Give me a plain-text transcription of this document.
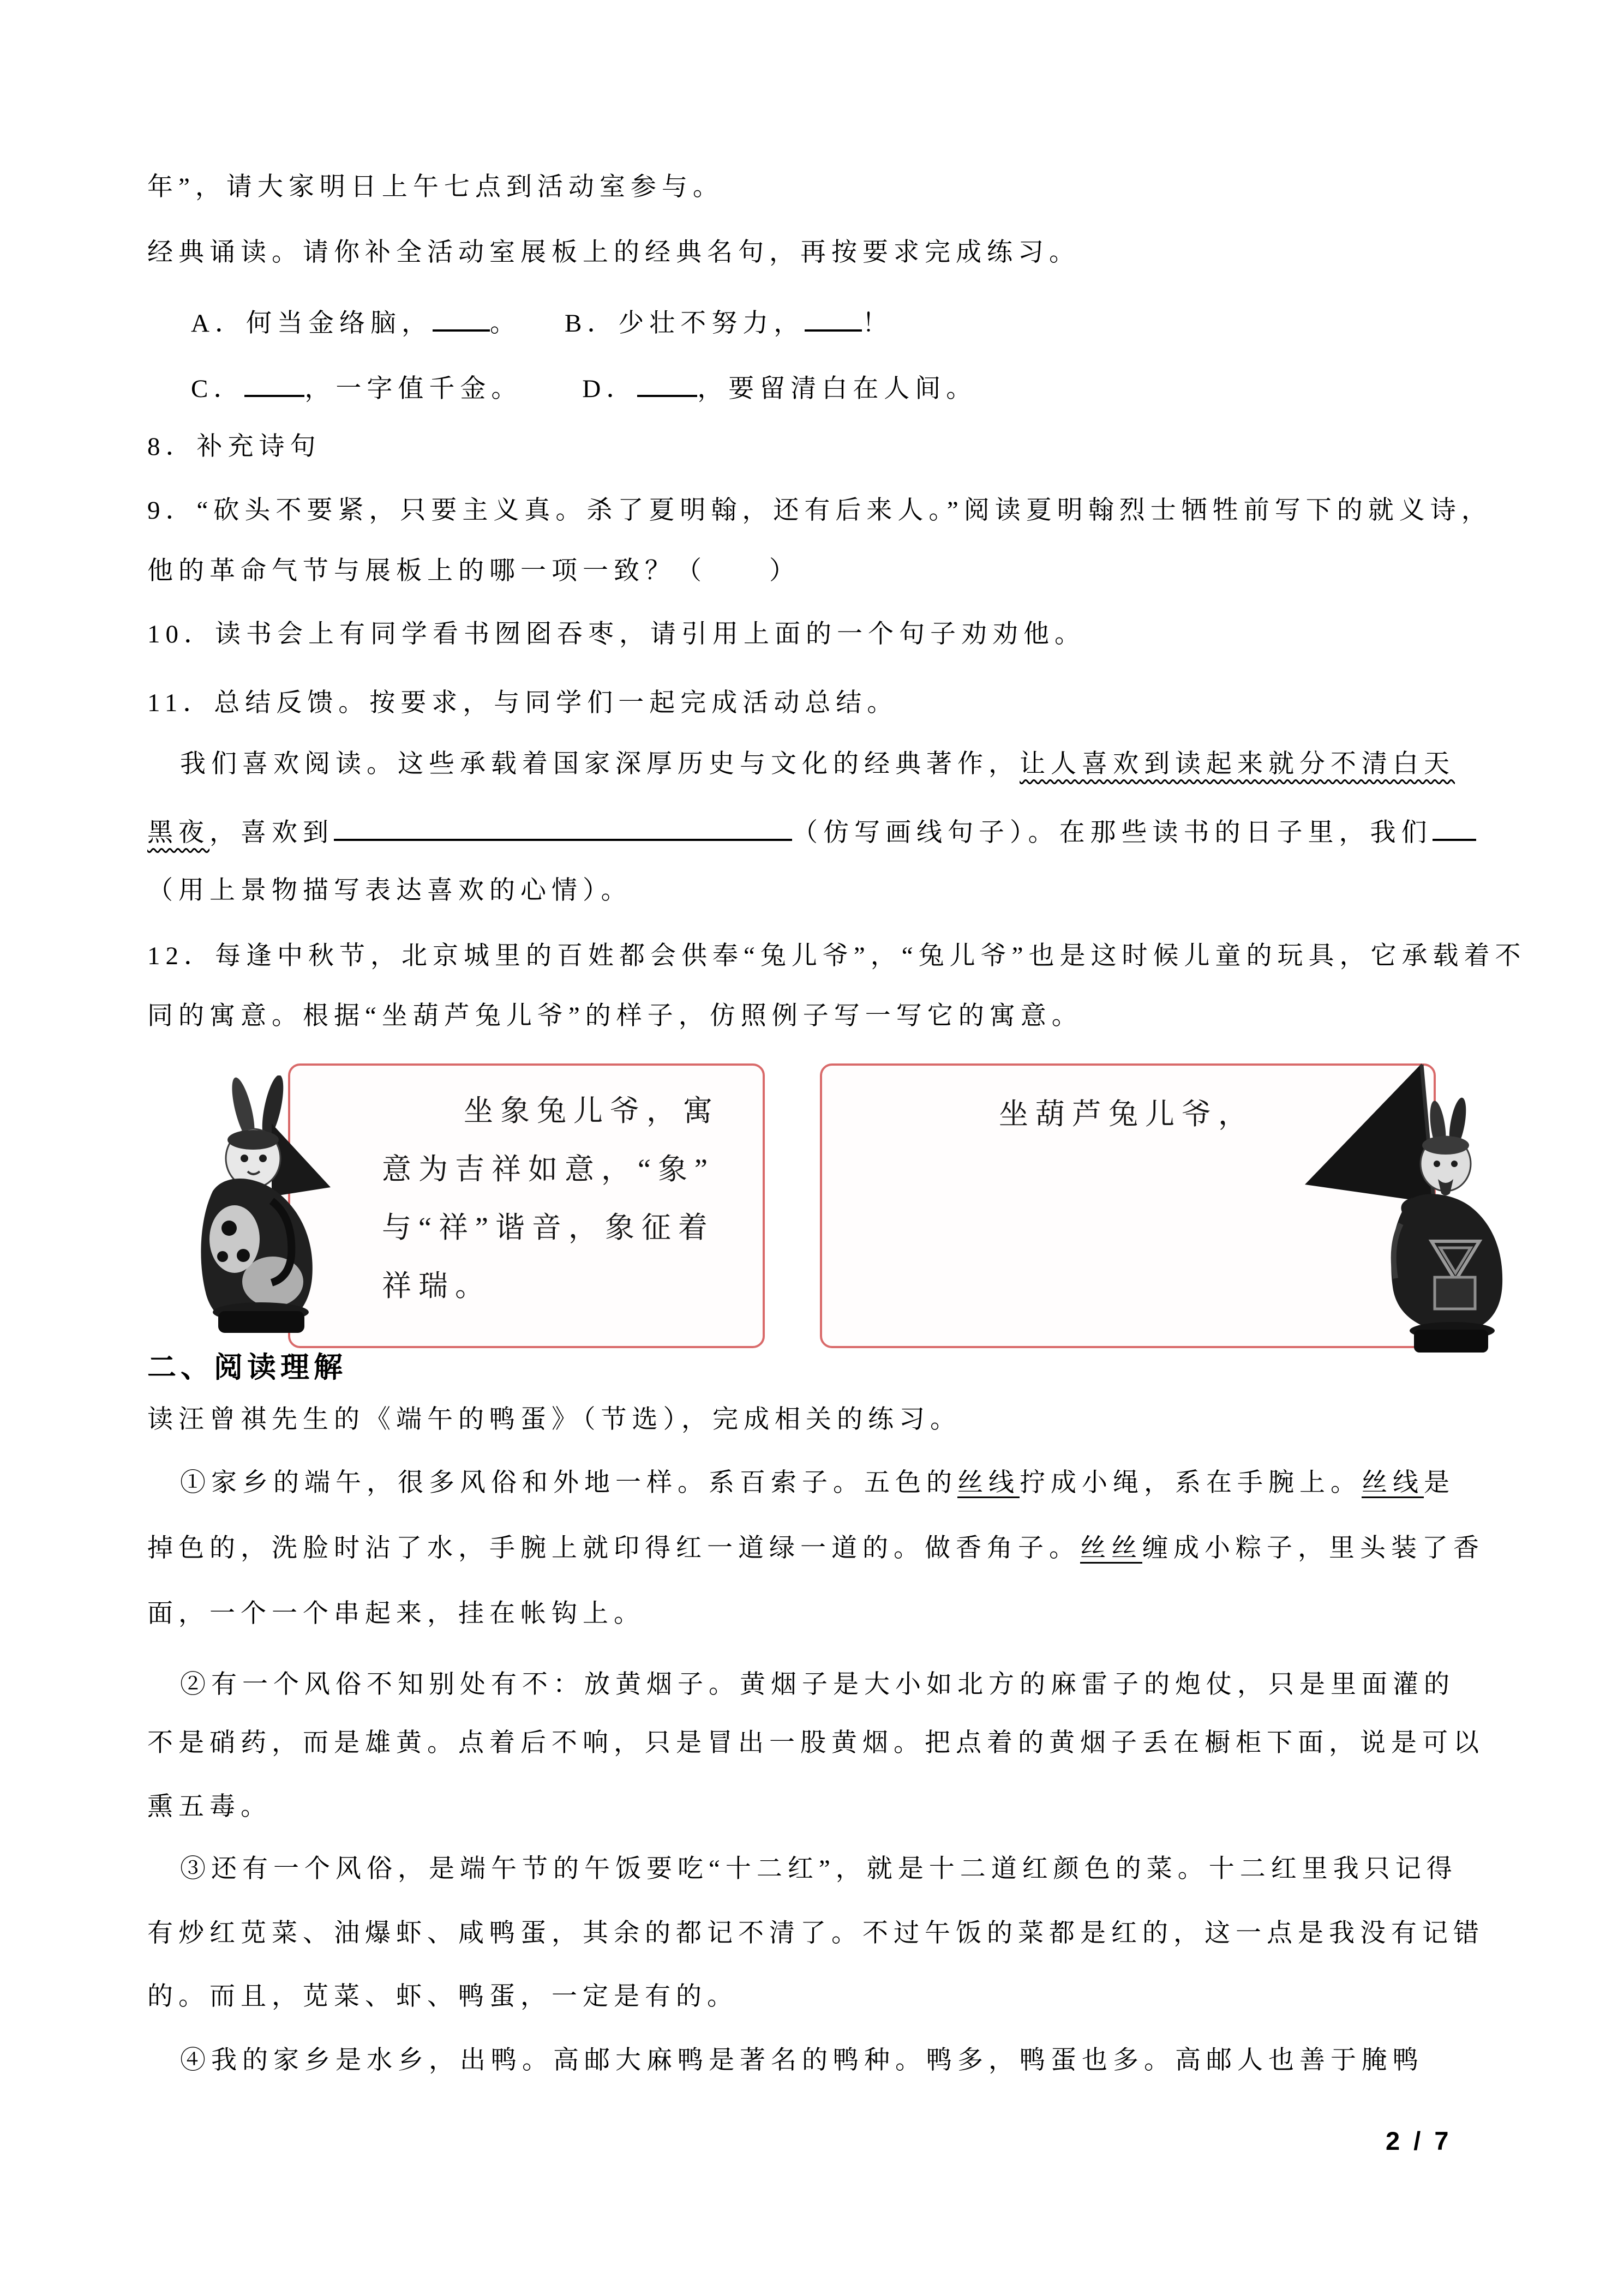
年”，请大家明日上午七点到活动室参与。
经典诵读。请你补全活动室展板上的经典名句，再按要求完成练习。
A．何当金络脑， 。 B．少壮不努力， ！
C． ，一字值千金。 D． ，要留清白在人间。
8．补充诗句
9．“砍头不要紧，只要主义真。杀了夏明翰，还有后来人。”阅读夏明翰烈士牺牲前写下的就义诗，
他的革命气节与展板上的哪一项一致？（　　）
10．读书会上有同学看书囫囵吞枣，请引用上面的一个句子劝劝他。
11．总结反馈。按要求，与同学们一起完成活动总结。
我们喜欢阅读。这些承载着国家深厚历史与文化的经典著作，让人喜欢到读起来就分不清白天
黑夜，喜欢到	（仿写画线句子）。在那些读书的日子里，我们
（用上景物描写表达喜欢的心情）。
12．每逢中秋节，北京城里的百姓都会供奉“兔儿爷”，“兔儿爷”也是这时候儿童的玩具，它承载着不
同的寓意。根据“坐葫芦兔儿爷”的样子，仿照例子写一写它的寓意。
二、阅读理解
读汪曾祺先生的《端午的鸭蛋》（节选），完成相关的练习。
①家乡的端午，很多风俗和外地一样。系百索子。五色的丝线拧成小绳，系在手腕上。丝线是
掉色的，洗脸时沾了水，手腕上就印得红一道绿一道的。做香角子。丝丝缠成小粽子，里头装了香
面，一个一个串起来，挂在帐钩上。
②有一个风俗不知别处有不：放黄烟子。黄烟子是大小如北方的麻雷子的炮仗，只是里面灌的
不是硝药，而是雄黄。点着后不响，只是冒出一股黄烟。把点着的黄烟子丢在橱柜下面，说是可以
熏五毒。
③还有一个风俗，是端午节的午饭要吃“十二红”，就是十二道红颜色的菜。十二红里我只记得
有炒红苋菜、油爆虾、咸鸭蛋，其余的都记不清了。不过午饭的菜都是红的，这一点是我没有记错
的。而且，苋菜、虾、鸭蛋，一定是有的。
④我的家乡是水乡，出鸭。高邮大麻鸭是著名的鸭种。鸭多，鸭蛋也多。高邮人也善于腌鸭
坐象兔儿爷，寓
意为吉祥如意，“象”
与“祥”谐音，象征着
祥瑞。
坐葫芦兔儿爷，
2 / 7
